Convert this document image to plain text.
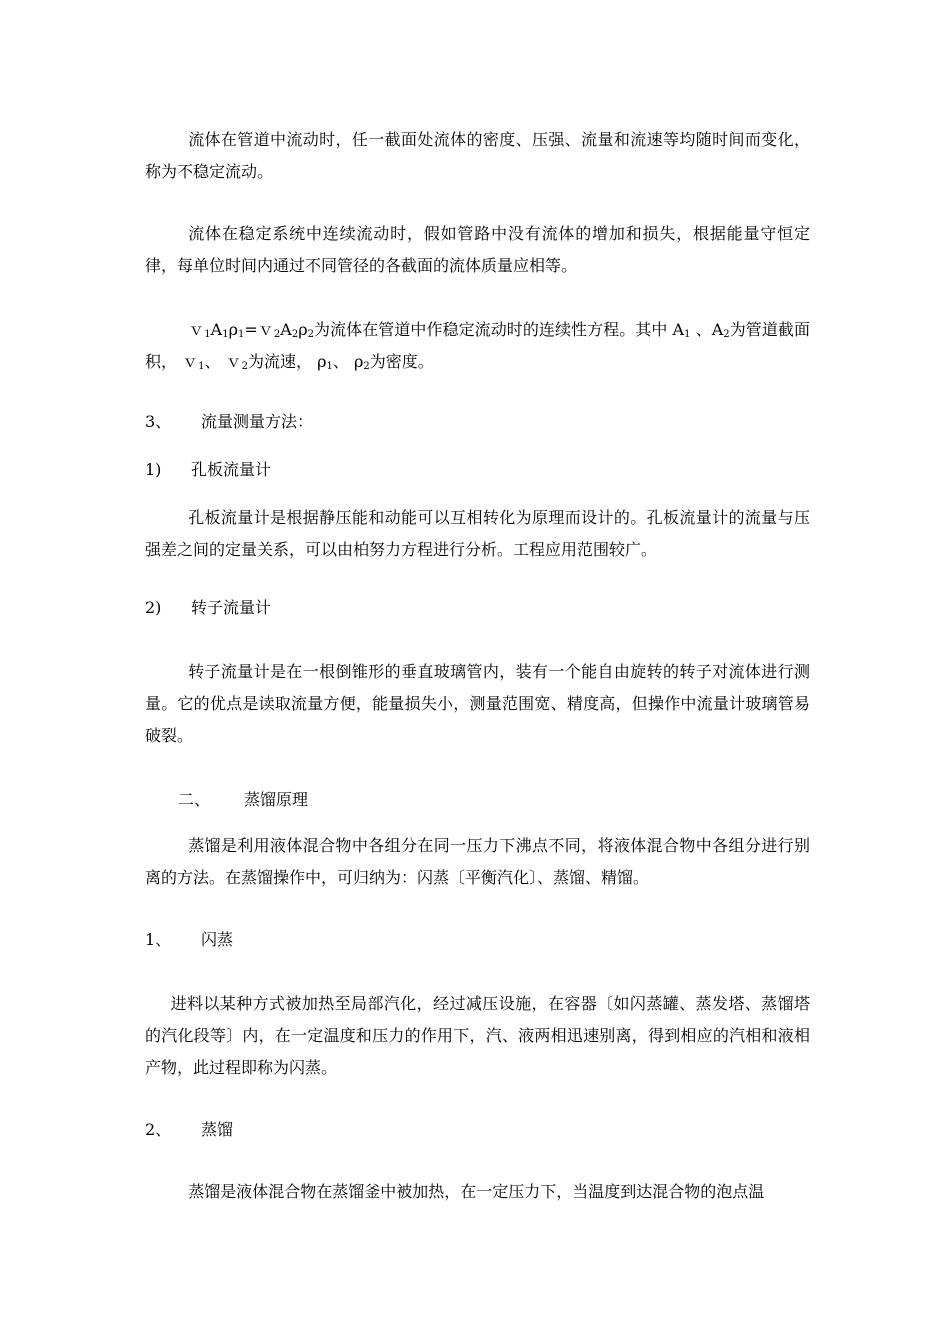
流体在管道中流动时，任一截面处流体的密度、压强、流量和流速等均随时间而变化，称为不稳定流动。

流体在稳定系统中连续流动时，假如管路中没有流体的增加和损失，根据能量守恒定律，每单位时间内通过不同管径的各截面的流体质量应相等。

$v_1A_1\rho_1=v_2A_2\rho_2$为流体在管道中作稳定流动时的连续性方程。其中 $A_1$ 、$A_2$为管道截面积， ｖ$_1$、 ｖ$_2$为流速， $\rho_1$、 $\rho_2$为密度。

3、 流量测量方法：
1) 孔板流量计

孔板流量计是根据静压能和动能可以互相转化为原理而设计的。孔板流量计的流量与压强差之间的定量关系，可以由柏努力方程进行分析。工程应用范围较广。

2) 转子流量计

转子流量计是在一根倒锥形的垂直玻璃管内，装有一个能自由旋转的转子对流体进行测量。它的优点是读取流量方便，能量损失小，测量范围宽、精度高，但操作中流量计玻璃管易破裂。

二、 蒸馏原理

蒸馏是利用液体混合物中各组分在同一压力下沸点不同，将液体混合物中各组分进行别离的方法。在蒸馏操作中，可归纳为：闪蒸〔平衡汽化〕、蒸馏、精馏。

1、 闪蒸

进料以某种方式被加热至局部汽化，经过减压设施，在容器〔如闪蒸罐、蒸发塔、蒸馏塔的汽化段等〕内，在一定温度和压力的作用下，汽、液两相迅速别离，得到相应的汽相和液相产物，此过程即称为闪蒸。

2、 蒸馏

蒸馏是液体混合物在蒸馏釜中被加热，在一定压力下，当温度到达混合物的泡点温
